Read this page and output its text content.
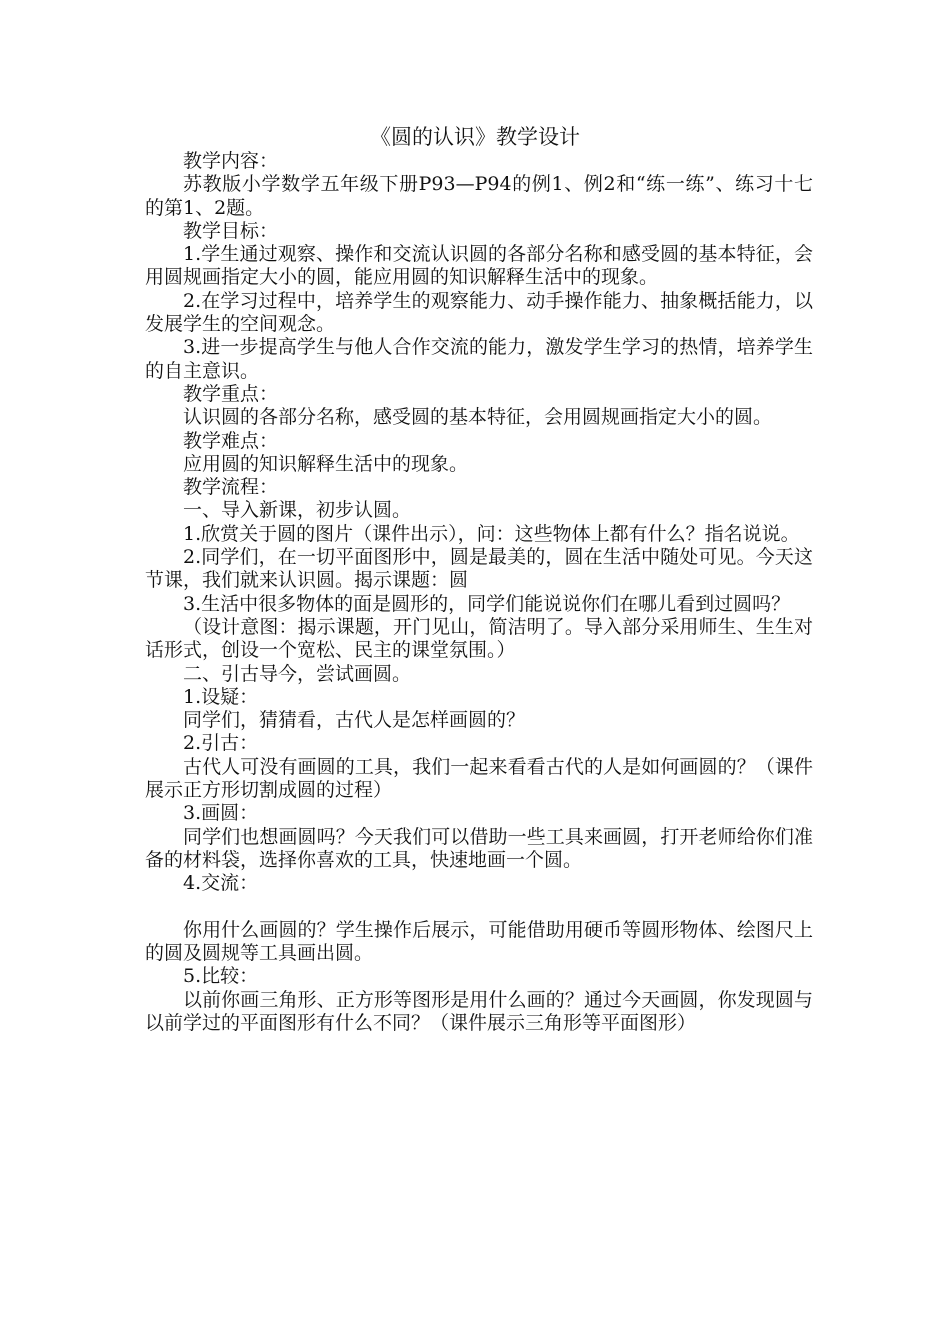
《圆的认识》教学设计

教学内容：

苏教版小学数学五年级下册P93—P94的例1、例2和“练一练”、练习十七的第1、2题。

教学目标：

1.学生通过观察、操作和交流认识圆的各部分名称和感受圆的基本特征，会用圆规画指定大小的圆，能应用圆的知识解释生活中的现象。

2.在学习过程中，培养学生的观察能力、动手操作能力、抽象概括能力，以发展学生的空间观念。

3.进一步提高学生与他人合作交流的能力，激发学生学习的热情，培养学生的自主意识。

教学重点：

认识圆的各部分名称，感受圆的基本特征，会用圆规画指定大小的圆。

教学难点：

应用圆的知识解释生活中的现象。

教学流程：

一、导入新课，初步认圆。

1.欣赏关于圆的图片（课件出示），问：这些物体上都有什么？指名说说。

2.同学们，在一切平面图形中，圆是最美的，圆在生活中随处可见。今天这节课，我们就来认识圆。揭示课题：圆

3.生活中很多物体的面是圆形的，同学们能说说你们在哪儿看到过圆吗？

（设计意图：揭示课题，开门见山，简洁明了。导入部分采用师生、生生对话形式，创设一个宽松、民主的课堂氛围。）

二、引古导今，尝试画圆。

1.设疑：

同学们，猜猜看，古代人是怎样画圆的？

2.引古：

古代人可没有画圆的工具，我们一起来看看古代的人是如何画圆的？（课件展示正方形切割成圆的过程）

3.画圆：

同学们也想画圆吗？今天我们可以借助一些工具来画圆，打开老师给你们准备的材料袋，选择你喜欢的工具，快速地画一个圆。

4.交流：

你用什么画圆的？学生操作后展示，可能借助用硬币等圆形物体、绘图尺上的圆及圆规等工具画出圆。

5.比较：

以前你画三角形、正方形等图形是用什么画的？通过今天画圆，你发现圆与以前学过的平面图形有什么不同？（课件展示三角形等平面图形）
